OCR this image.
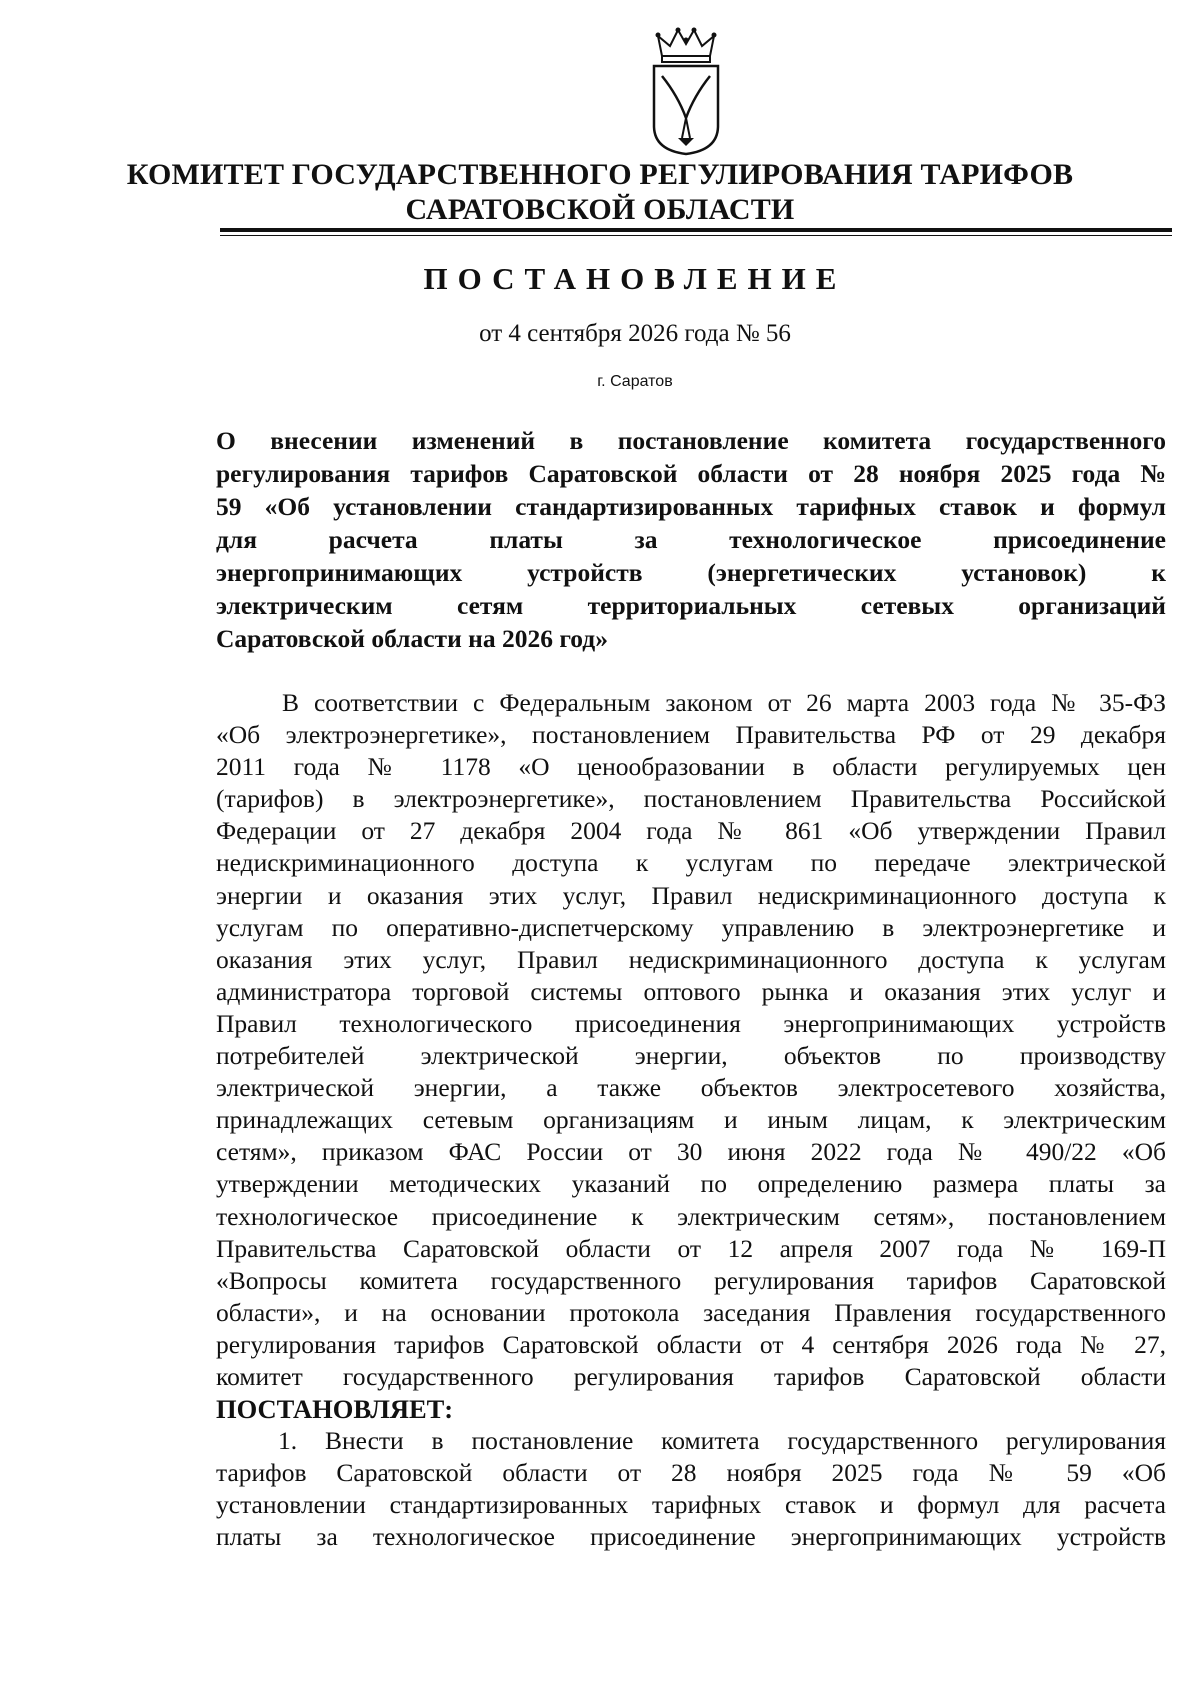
КОМИТЕТ ГОСУДАРСТВЕННОГО РЕГУЛИРОВАНИЯ ТАРИФОВ
САРАТОВСКОЙ ОБЛАСТИ
ПОСТАНОВЛЕНИЕ
от 4 сентября 2026 года № 56
г. Саратов
О внесении изменений в постановление комитета государственного
регулирования тарифов Саратовской области от 28 ноября 2025 года №
59 «Об установлении стандартизированных тарифных ставок и формул
для расчета платы за технологическое присоединение
энергопринимающих устройств (энергетических установок) к
электрическим сетям территориальных сетевых организаций
Саратовской области на 2026 год»
В соответствии с Федеральным законом от 26 марта 2003 года № 35-ФЗ
«Об электроэнергетике», постановлением Правительства РФ от 29 декабря
2011 года № 1178 «О ценообразовании в области регулируемых цен
(тарифов) в электроэнергетике», постановлением Правительства Российской
Федерации от 27 декабря 2004 года № 861 «Об утверждении Правил
недискриминационного доступа к услугам по передаче электрической
энергии и оказания этих услуг, Правил недискриминационного доступа к
услугам по оперативно-диспетчерскому управлению в электроэнергетике и
оказания этих услуг, Правил недискриминационного доступа к услугам
администратора торговой системы оптового рынка и оказания этих услуг и
Правил технологического присоединения энергопринимающих устройств
потребителей электрической энергии, объектов по производству
электрической энергии, а также объектов электросетевого хозяйства,
принадлежащих сетевым организациям и иным лицам, к электрическим
сетям», приказом ФАС России от 30 июня 2022 года № 490/22 «Об
утверждении методических указаний по определению размера платы за
технологическое присоединение к электрическим сетям», постановлением
Правительства Саратовской области от 12 апреля 2007 года № 169-П
«Вопросы комитета государственного регулирования тарифов Саратовской
области», и на основании протокола заседания Правления государственного
регулирования тарифов Саратовской области от 4 сентября 2026 года № 27,
комитет государственного регулирования тарифов Саратовской области
ПОСТАНОВЛЯЕТ:
1. Внести в постановление комитета государственного регулирования
тарифов Саратовской области от 28 ноября 2025 года № 59 «Об
установлении стандартизированных тарифных ставок и формул для расчета
платы за технологическое присоединение энергопринимающих устройств
